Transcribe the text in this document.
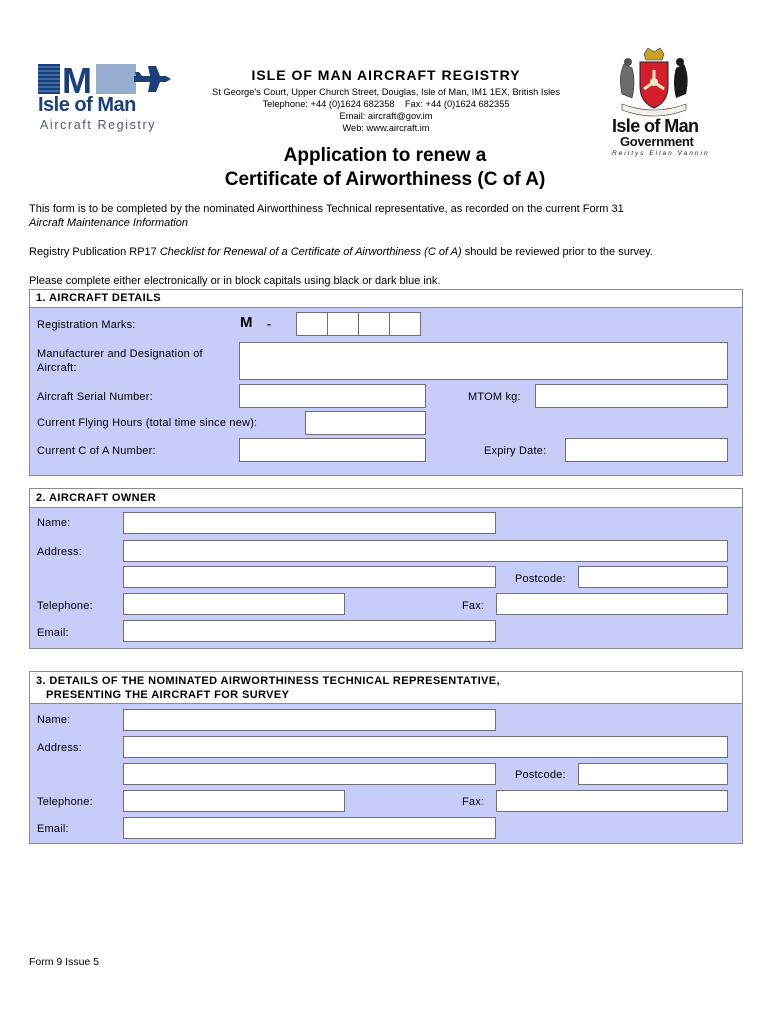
M
Isle of Man
Aircraft Registry
ISLE OF MAN AIRCRAFT REGISTRY
St George's Court, Upper Church Street, Douglas, Isle of Man, IM1 1EX, British Isles
Telephone: +44 (0)1624 682358    Fax: +44 (0)1624 682355
Email: aircraft@gov.im
Web: www.aircraft.im	Isle of Man
Government
Reiltys Ellan Vannin
Application to renew a
Certificate of Airworthiness (C of A)
This form is to be completed by the nominated Airworthiness Technical representative, as recorded on the current Form 31
Aircraft Maintenance Information
Registry Publication RP17 Checklist for Renewal of a Certificate of Airworthiness (C of A) should be reviewed prior to the survey.
Please complete either electronically or in block capitals using black or dark blue ink.
1. AIRCRAFT DETAILS
Registration Marks:	M -
Manufacturer and Designation of
Aircraft:
Aircraft Serial Number:	MTOM kg:
Current Flying Hours (total time since new):
Current C of A Number:	Expiry Date:
2. AIRCRAFT OWNER
Name:
Address:
Postcode:
Telephone:	Fax:
Email:
3. DETAILS OF THE NOMINATED AIRWORTHINESS TECHNICAL REPRESENTATIVE,
PRESENTING THE AIRCRAFT FOR SURVEY
Name:
Address:
Postcode:
Telephone:	Fax:
Email:
Form 9 Issue 5
